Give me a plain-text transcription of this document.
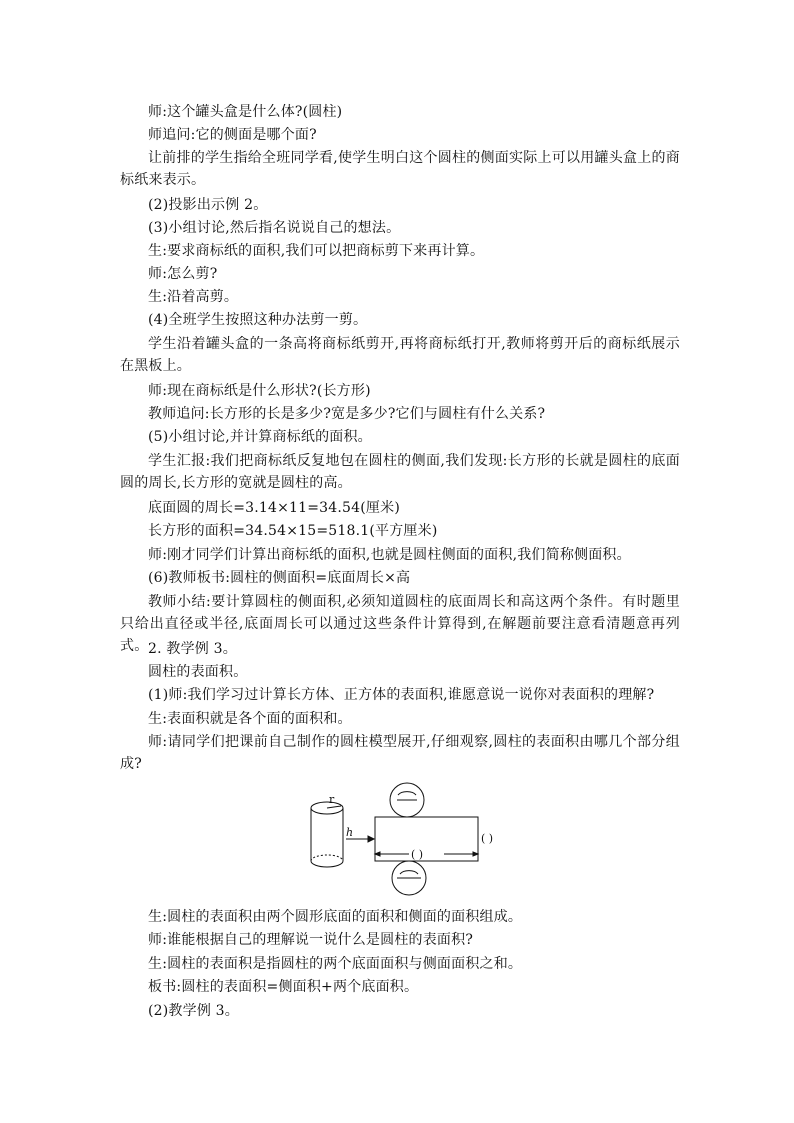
师:这个罐头盒是什么体?(圆柱)
师追问:它的侧面是哪个面?
让前排的学生指给全班同学看,使学生明白这个圆柱的侧面实际上可以用罐头盒上的商标纸来表示。
(2)投影出示例 2。
(3)小组讨论,然后指名说说自己的想法。
生:要求商标纸的面积,我们可以把商标剪下来再计算。
师:怎么剪?
生:沿着高剪。
(4)全班学生按照这种办法剪一剪。
学生沿着罐头盒的一条高将商标纸剪开,再将商标纸打开,教师将剪开后的商标纸展示在黑板上。
师:现在商标纸是什么形状?(长方形)
教师追问:长方形的长是多少?宽是多少?它们与圆柱有什么关系?
(5)小组讨论,并计算商标纸的面积。
学生汇报:我们把商标纸反复地包在圆柱的侧面,我们发现:长方形的长就是圆柱的底面圆的周长,长方形的宽就是圆柱的高。
底面圆的周长=3.14×11=34.54(厘米)
长方形的面积=34.54×15=518.1(平方厘米)
师:刚才同学们计算出商标纸的面积,也就是圆柱侧面的面积,我们简称侧面积。
(6)教师板书:圆柱的侧面积=底面周长×高
教师小结:要计算圆柱的侧面积,必须知道圆柱的底面周长和高这两个条件。有时题里只给出直径或半径,底面周长可以通过这些条件计算得到,在解题前要注意看清题意再列式。 2. 教学例 3。
圆柱的表面积。
(1)师:我们学习过计算长方体、正方体的表面积,谁愿意说一说你对表面积的理解?
生:表面积就是各个面的面积和。
师:请同学们把课前自己制作的圆柱模型展开,仔细观察,圆柱的表面积由哪几个部分组成?
r
h	( )
( )
生:圆柱的表面积由两个圆形底面的面积和侧面的面积组成。
师:谁能根据自己的理解说一说什么是圆柱的表面积?
生:圆柱的表面积是指圆柱的两个底面面积与侧面面积之和。
板书:圆柱的表面积=侧面积+两个底面积。
(2)教学例 3。
